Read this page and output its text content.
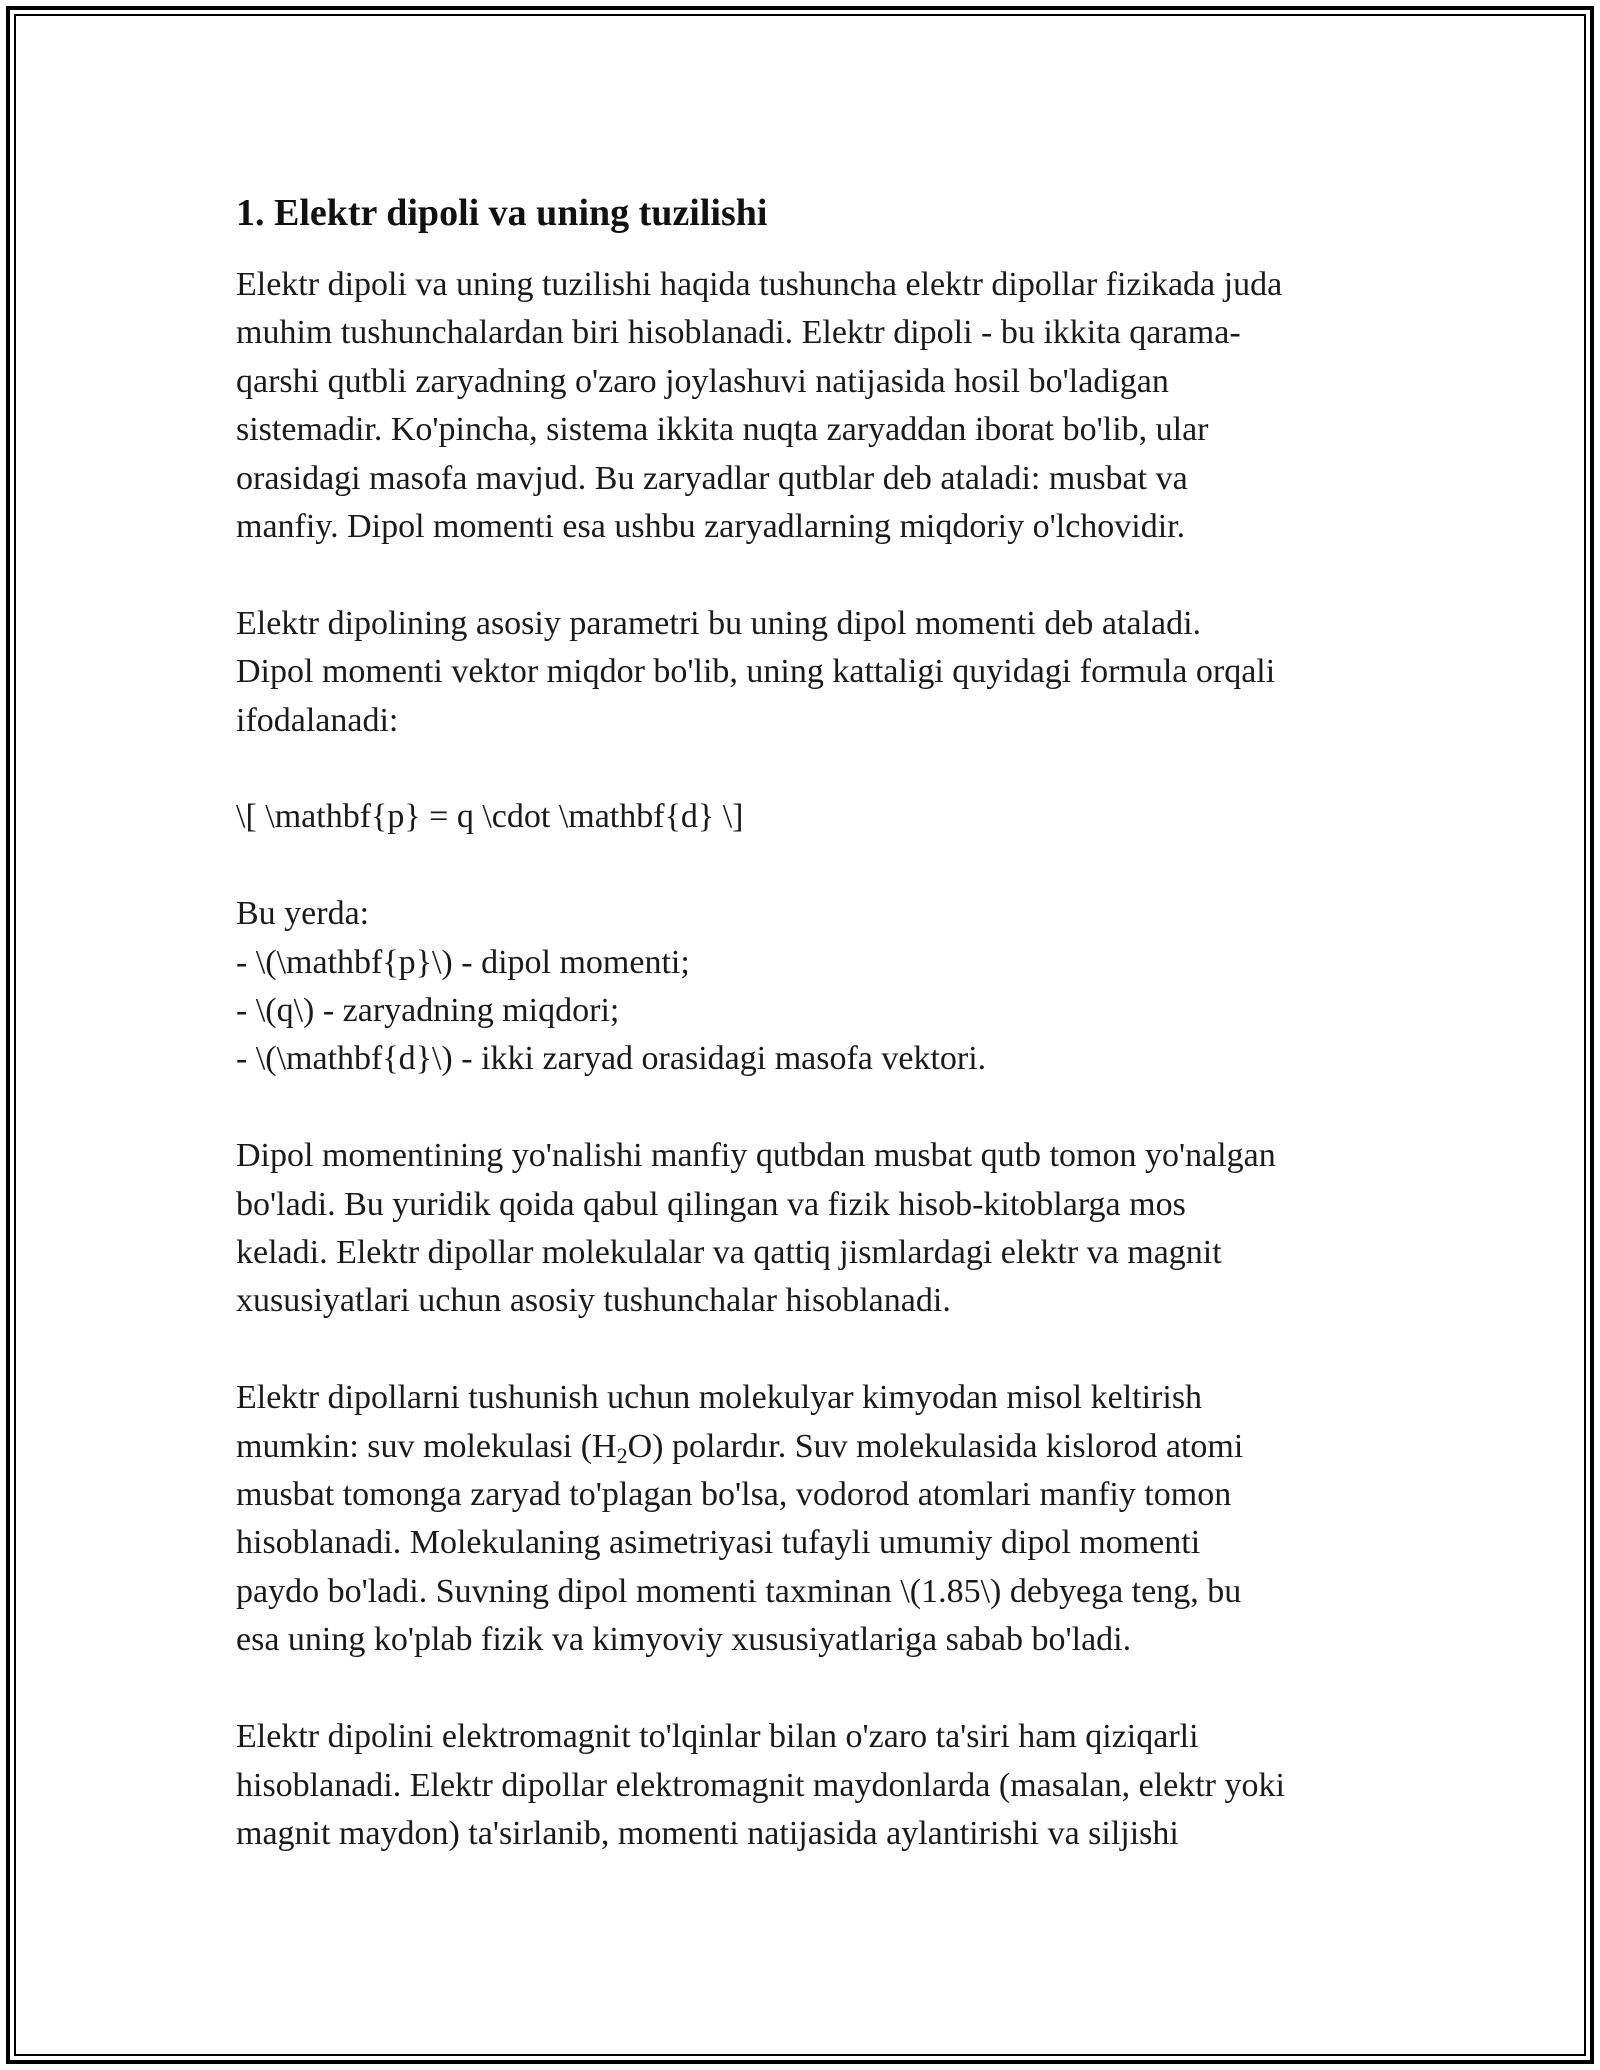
1. Elektr dipoli va uning tuzilishi
Elektr dipoli va uning tuzilishi haqida tushuncha elektr dipollar fizikada juda
muhim tushunchalardan biri hisoblanadi. Elektr dipoli - bu ikkita qarama-
qarshi qutbli zaryadning o'zaro joylashuvi natijasida hosil bo'ladigan
sistemadir. Ko'pincha, sistema ikkita nuqta zaryaddan iborat bo'lib, ular
orasidagi masofa mavjud. Bu zaryadlar qutblar deb ataladi: musbat va
manfiy. Dipol momenti esa ushbu zaryadlarning miqdoriy o'lchovidir.
Elektr dipolining asosiy parametri bu uning dipol momenti deb ataladi.
Dipol momenti vektor miqdor bo'lib, uning kattaligi quyidagi formula orqali
ifodalanadi:
\[ \mathbf{p} = q \cdot \mathbf{d} \]
Bu yerda:
- \(\mathbf{p}\) - dipol momenti;
- \(q\) - zaryadning miqdori;
- \(\mathbf{d}\) - ikki zaryad orasidagi masofa vektori.
Dipol momentining yo'nalishi manfiy qutbdan musbat qutb tomon yo'nalgan
bo'ladi. Bu yuridik qoida qabul qilingan va fizik hisob-kitoblarga mos
keladi. Elektr dipollar molekulalar va qattiq jismlardagi elektr va magnit
xususiyatlari uchun asosiy tushunchalar hisoblanadi.
Elektr dipollarni tushunish uchun molekulyar kimyodan misol keltirish
mumkin: suv molekulasi $(H_2O)$ polardır. Suv molekulasida kislorod atomi
musbat tomonga zaryad to'plagan bo'lsa, vodorod atomlari manfiy tomon
hisoblanadi. Molekulaning asimetriyasi tufayli umumiy dipol momenti
paydo bo'ladi. Suvning dipol momenti taxminan \(1.85\) debyega teng, bu
esa uning ko'plab fizik va kimyoviy xususiyatlariga sabab bo'ladi.
Elektr dipolini elektromagnit to'lqinlar bilan o'zaro ta'siri ham qiziqarli
hisoblanadi. Elektr dipollar elektromagnit maydonlarda (masalan, elektr yoki
magnit maydon) ta'sirlanib, momenti natijasida aylantirishi va siljishi
